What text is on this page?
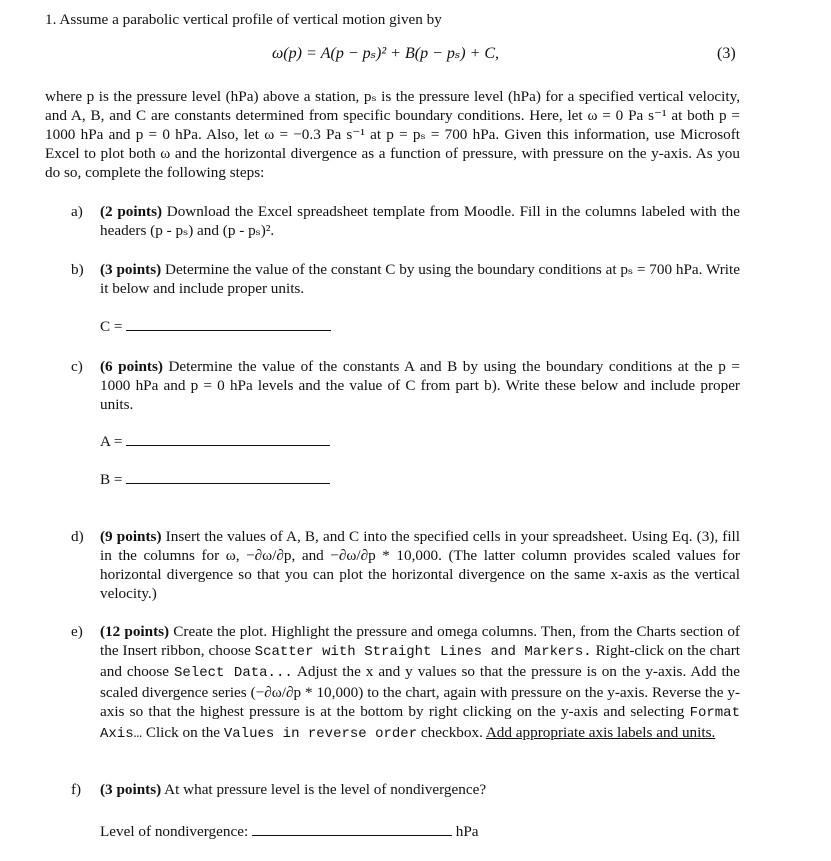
1. Assume a parabolic vertical profile of vertical motion given by
ω(p) = A(p − pₛ)² + B(p − pₛ) + C,	(3)
where p is the pressure level (hPa) above a station, pₛ is the pressure level (hPa) for a specified vertical velocity, and A, B, and C are constants determined from specific boundary conditions. Here, let ω = 0 Pa s⁻¹ at both p = 1000 hPa and p = 0 hPa. Also, let ω = −0.3 Pa s⁻¹ at p = pₛ = 700 hPa. Given this information, use Microsoft Excel to plot both ω and the horizontal divergence as a function of pressure, with pressure on the y-axis. As you do so, complete the following steps:
a)	(2 points) Download the Excel spreadsheet template from Moodle. Fill in the columns labeled with the headers (p - pₛ) and (p - pₛ)².
b)	(3 points) Determine the value of the constant C by using the boundary conditions at pₛ = 700 hPa. Write it below and include proper units.
C =
c)	(6 points) Determine the value of the constants A and B by using the boundary conditions at the p = 1000 hPa and p = 0 hPa levels and the value of C from part b). Write these below and include proper units.
A =
B =
d)	(9 points) Insert the values of A, B, and C into the specified cells in your spreadsheet. Using Eq. (3), fill in the columns for ω, −∂ω/∂p, and −∂ω/∂p * 10,000. (The latter column provides scaled values for horizontal divergence so that you can plot the horizontal divergence on the same x-axis as the vertical velocity.)
e)	(12 points) Create the plot. Highlight the pressure and omega columns. Then, from the Charts section of the Insert ribbon, choose Scatter with Straight Lines and Markers. Right-click on the chart and choose Select Data... Adjust the x and y values so that the pressure is on the y-axis. Add the scaled divergence series (−∂ω/∂p * 10,000) to the chart, again with pressure on the y-axis. Reverse the y-axis so that the highest pressure is at the bottom by right clicking on the y-axis and selecting Format Axis… Click on the Values in reverse order checkbox. Add appropriate axis labels and units.
f)	(3 points) At what pressure level is the level of nondivergence?
Level of nondivergence:	hPa
